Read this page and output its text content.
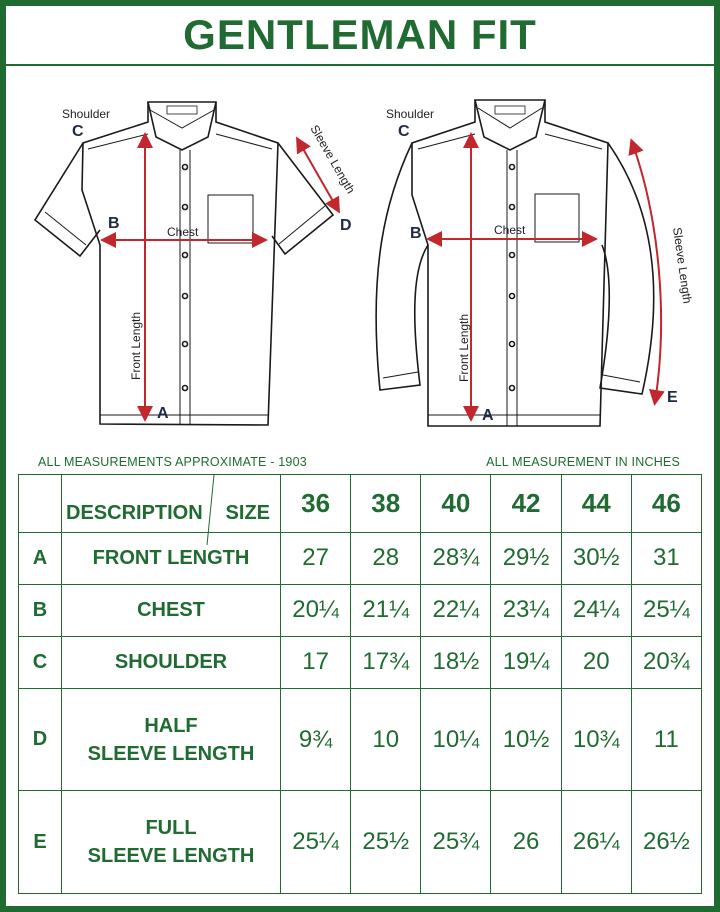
GENTLEMAN FIT
Shoulder
C
B	Chest
A
D
Front Length
Sleeve Length
Shoulder
C
B	Chest
A
E
Front Length
Sleeve Length
ALL MEASUREMENTS APPROXIMATE - 1903	ALL MEASUREMENT IN INCHES

	DESCRIPTION SIZE	36	38	40	42	44	46
A	FRONT LENGTH	27	28	28¾	29½	30½	31
B	CHEST	20¼	21¼	22¼	23¼	24¼	25¼
C	SHOULDER	17	17¾	18½	19¼	20	20¾
D	HALF
SLEEVE LENGTH	9¾	10	10¼	10½	10¾	11
E	FULL
SLEEVE LENGTH	25¼	25½	25¾	26	26¼	26½
